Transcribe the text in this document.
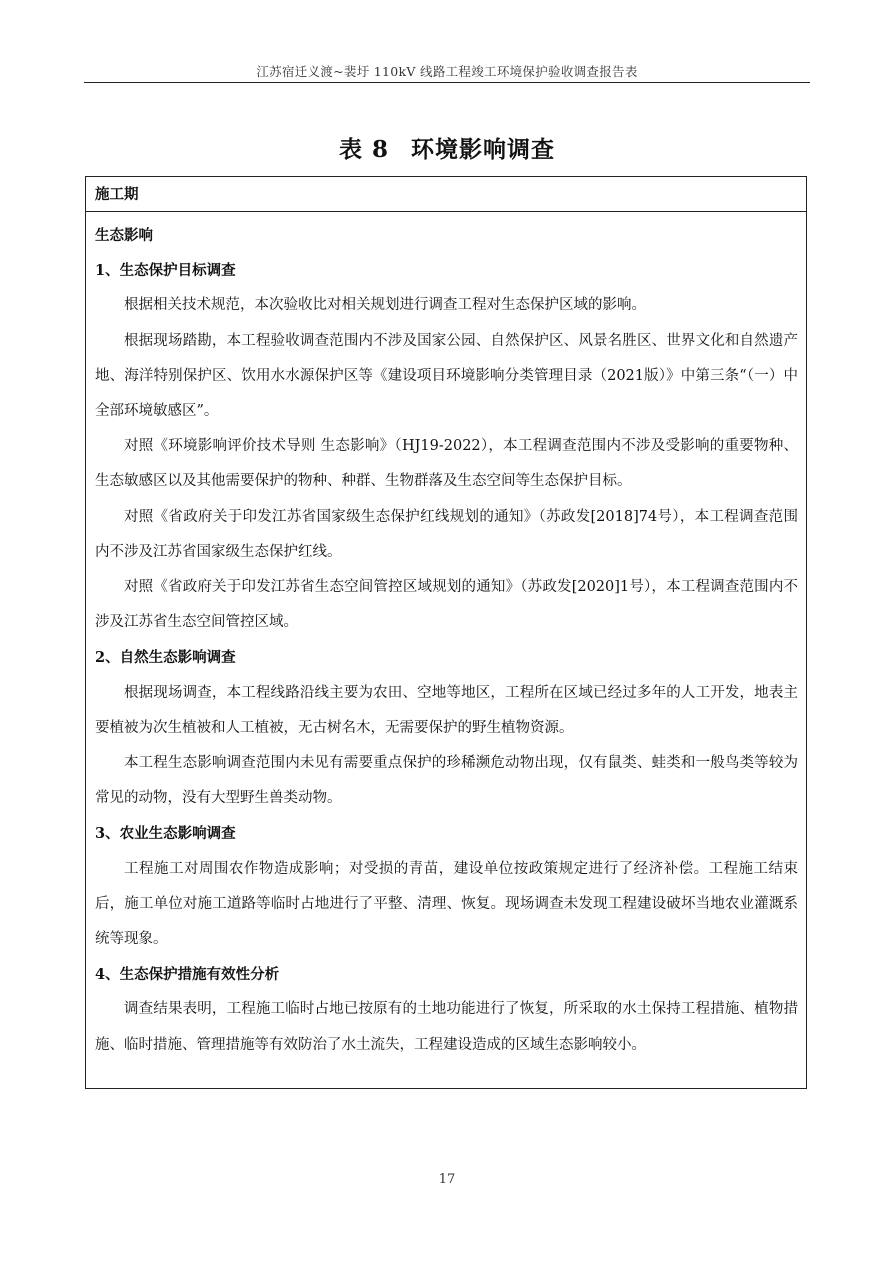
江苏宿迁义渡~裴圩 110kV 线路工程竣工环境保护验收调查报告表
表 8 环境影响调查
施工期

生态影响

1、生态保护目标调查

根据相关技术规范，本次验收比对相关规划进行调查工程对生态保护区域的影响。

根据现场踏勘，本工程验收调查范围内不涉及国家公园、自然保护区、风景名胜区、世界文化和自然遗产地、海洋特别保护区、饮用水水源保护区等《建设项目环境影响分类管理目录（2021版）》中第三条“（一）中全部环境敏感区”。

对照《环境影响评价技术导则 生态影响》（HJ19-2022），本工程调查范围内不涉及受影响的重要物种、生态敏感区以及其他需要保护的物种、种群、生物群落及生态空间等生态保护目标。

对照《省政府关于印发江苏省国家级生态保护红线规划的通知》（苏政发[2018]74号），本工程调查范围内不涉及江苏省国家级生态保护红线。

对照《省政府关于印发江苏省生态空间管控区域规划的通知》（苏政发[2020]1号），本工程调查范围内不涉及江苏省生态空间管控区域。

2、自然生态影响调查

根据现场调查，本工程线路沿线主要为农田、空地等地区，工程所在区域已经过多年的人工开发，地表主要植被为次生植被和人工植被，无古树名木，无需要保护的野生植物资源。

本工程生态影响调查范围内未见有需要重点保护的珍稀濒危动物出现，仅有鼠类、蛙类和一般鸟类等较为常见的动物，没有大型野生兽类动物。

3、农业生态影响调查

工程施工对周围农作物造成影响；对受损的青苗，建设单位按政策规定进行了经济补偿。工程施工结束后，施工单位对施工道路等临时占地进行了平整、清理、恢复。现场调查未发现工程建设破坏当地农业灌溉系统等现象。

4、生态保护措施有效性分析

调查结果表明，工程施工临时占地已按原有的土地功能进行了恢复，所采取的水土保持工程措施、植物措施、临时措施、管理措施等有效防治了水土流失，工程建设造成的区域生态影响较小。

17
